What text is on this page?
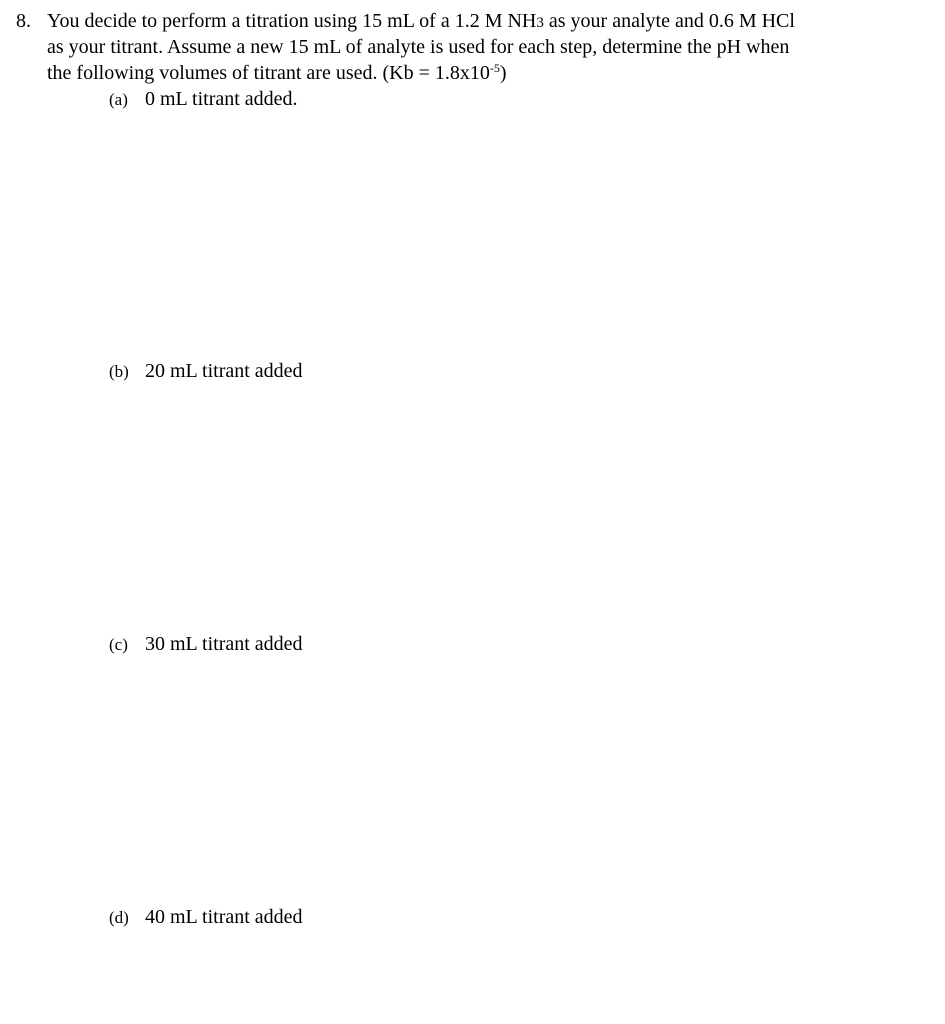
8. You decide to perform a titration using 15 mL of a 1.2 M NH3 as your analyte and 0.6 M HCl
as your titrant. Assume a new 15 mL of analyte is used for each step, determine the pH when
the following volumes of titrant are used. $(Kb = 1.8x10^{-5})$
(a) 0 mL titrant added.
(b) 20 mL titrant added
(c) 30 mL titrant added
(d) 40 mL titrant added
